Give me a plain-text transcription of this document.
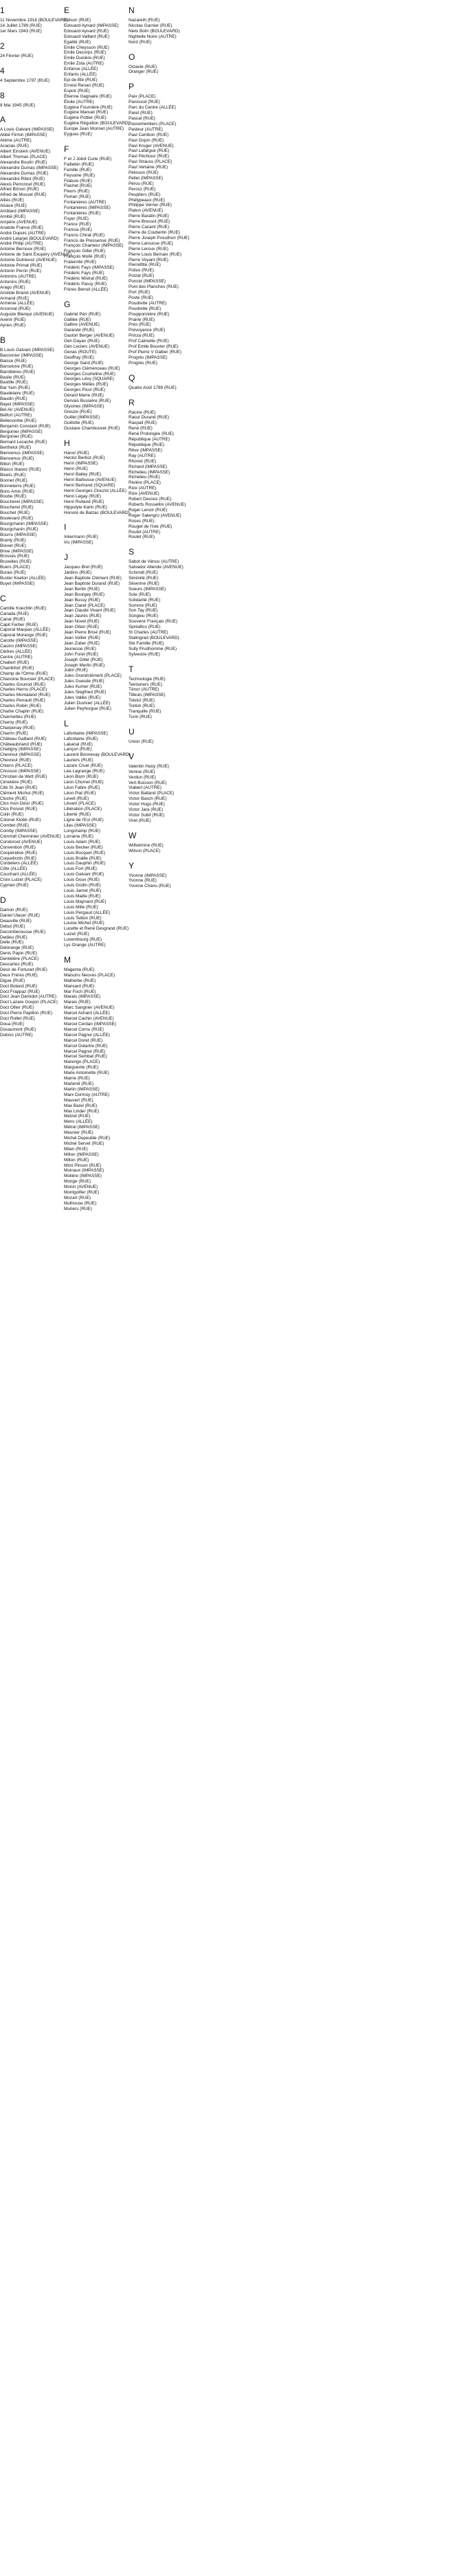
1
11 Novembre 1918 (BOULEVARD)
14 Juillet 1789 (RUE)
1er Mars 1943 (RUE)
2
24 Février (RUE)
4
4 Septembre 1797 (RUE)
8
8 Mai 1945 (RUE)
A
A Louis Galvani (IMPASSE)
Abbé Firmin (IMPASSE)
Abime (AUTRE)
Acacias (RUE)
Albert Einstein (AVENUE)
Albert Thomas (PLACE)
Alexandre Boutin (RUE)
Alexandre Dumas (IMPASSE)
Alexandre Dumas (RUE)
Alexandre Ribot (RUE)
Alexis Perroncel (RUE)
Alfred Brinon (RUE)
Alfred de Musset (RUE)
Alliés (RUE)
Alsace (RUE)
Amblard (IMPASSE)
Amitié (RUE)
Ampère (AVENUE)
Anatole France (RUE)
André Dupuis (AUTRE)
André Letarjet (BOULEVARD)
André Philip (AUTRE)
Antoine Bernoux (RUE)
Antoine de Saint Exupéry (AVENUE)
Antoine Dutrievoz (AVENUE)
Antoine Primat (RUE)
Antonin Perrin (RUE)
Antonins (AUTRE)
Antonins (RUE)
Arago (RUE)
Aristide Briand (AVENUE)
Armand (RUE)
Arménie (ALLÉE)
Arsonval (RUE)
Auguste Blanqui (AVENUE)
Avenir (RUE)
Aynes (RUE)
B
B Louis Galvani (IMPASSE)
Baconnier (IMPASSE)
Baisse (RUE)
Barcelone (RUE)
Barotbères (RUE)
Basile (RUE)
Bastille (RUE)
Bat Yam (RUE)
Baudelaire (RUE)
Baudin (RUE)
Bayet (IMPASSE)
Bel Air (AVENUE)
Belfort (AUTRE)
Bellecombe (RUE)
Benjamin Constant (RUE)
Bergonier (IMPASSE)
Bergonier (RUE)
Bernard Lecache (RUE)
Berthelot (RUE)
Bienvenus (IMPASSE)
Bienvenus (RUE)
Billon (RUE)
Blasco Ibanez (RUE)
Bluets (RUE)
Bonnet (RUE)
Bonneterre (RUE)
Bons Amis (RUE)
Boube (RUE)
Boucheret (IMPASSE)
Boucheret (RUE)
Bouchet (RUE)
Boulevard (RUE)
Bourgchanin (IMPASSE)
Bourgchanin (RUE)
Bourru (IMPASSE)
Branly (RUE)
Brevet (RUE)
Brive (IMPASSE)
Brosses (RUE)
Bruxelles (RUE)
Buers (PLACE)
Burais (RUE)
Buster Keaton (ALLÉE)
Buyet (IMPASSE)
C
Camille Koechlin (RUE)
Canada (RUE)
Canal (RUE)
Capit Ferber (RUE)
Caporal Maupas (ALLÉE)
Caporal Morange (RUE)
Carotte (IMPASSE)
Casino (IMPASSE)
Cèdres (ALLÉE)
Centre (AUTRE)
Chabert (RUE)
Chambfort (RUE)
Champ de l'Orme (RUE)
Chanoine Boursier (PLACE)
Charles Gounod (RUE)
Charles Hernu (PLACE)
Charles Montaland (RUE)
Charles Perrault (RUE)
Charles Robin (RUE)
Charlie Chaplin (RUE)
Charmettes (RUE)
Charny (RUE)
Charpenay (RUE)
Charrin (RUE)
Château Gaillard (RUE)
Châteaubriand (RUE)
Chatigny (IMPASSE)
Chevreul (IMPASSE)
Chevreul (RUE)
Chiens (PLACE)
Chosson (IMPASSE)
Christian de Wett (RUE)
Cimetière (RUE)
Cité St Jean (RUE)
Clément Michut (RUE)
Cloche (RUE)
Clos mon Désir (RUE)
Clos Poncet (RUE)
Colin (RUE)
Colonel Klobb (RUE)
Combet (RUE)
Comby (IMPASSE)
Commdt Chenninier (AVENUE)
Condorcet (AVENUE)
Convention (RUE)
Coopérative (RUE)
Coquelicots (RUE)
Cordeliers (ALLÉE)
Côte (ALLÉE)
Couchant (ALLÉE)
Croix Luizet (PLACE)
Cyprian (RUE)
D
Damon (RUE)
Daniel Ulacer (RUE)
Deauville (RUE)
Debut (RUE)
Decomberousse (RUE)
Dedieu (RUE)
Delle (RUE)
Delorange (RUE)
Denis Papin (RUE)
Dentelière (PLACE)
Descartes (RUE)
Désir de Fortunet (RUE)
Deux Frères (RUE)
Digue (RUE)
Doct Boland (RUE)
Doct Frappaz (RUE)
Doct Jean Damidot (AUTRE)
Doct Lazare Goujon (PLACE)
Doct Ollier (RUE)
Doct Pierre Papillon (RUE)
Doct Rollet (RUE)
Doua (RUE)
Dosaumont (RUE)
Dubois (AUTRE)
E
Edison (RUE)
Edouard Aynard (IMPASSE)
Edouard Aynard (RUE)
Edouard Vaillant (RUE)
Egalité (RUE)
Emile Cheysson (RUE)
Emile Decorps (RUE)
Emile Dunière (RUE)
Emile Zola (AUTRE)
Enfance (ALLÉE)
Enfants (ALLÉE)
Epi de Blé (RUE)
Ernest Renan (RUE)
Espoir (RUE)
Étienne Gagnaire (RUE)
Étoile (AUTRE)
Eugène Fournière (RUE)
Eugène Manuel (RUE)
Eugène Pottier (RUE)
Eugène Réguillon (BOULEVARD)
Europe Jean Monnet (AUTRE)
Eygues (RUE)
F
F et J Joliot Curie (RUE)
Faillebin (RUE)
Famille (RUE)
Feyssine (RUE)
Filature (RUE)
Flachet (RUE)
Fleurs (RUE)
Florian (RUE)
Fontanières (AUTRE)
Fontanières (IMPASSE)
Fontanières (RUE)
Foyer (RUE)
France (RUE)
Francia (RUE)
Francis Chirat (RUE)
Francis de Pressensé (RUE)
François Chanteur (IMPASSE)
François Gillet (RUE)
François Mollé (RUE)
Fraternité (RUE)
Frédéric Fays (IMPASSE)
Frédéric Fays (RUE)
Frédéric Mistral (RUE)
Frédéric Passy (RUE)
Frères Benoit (ALLÉE)
G
Gabriel Péri (RUE)
Galilée (RUE)
Galline (AVENUE)
Garande (RUE)
Gaston Berger (AVENUE)
Gén Dayan (RUE)
Gén Leclerc (AVENUE)
Genas (ROUTE)
Geoffray (RUE)
George Sand (RUE)
Georges Clémenceau (RUE)
Georges Courteline (RUE)
Georges Lévy (SQUARE)
Georges Méliès (RUE)
Georges Picot (RUE)
Gérard Marre (RUE)
Gervais Bussière (RUE)
Glycines (IMPASSE)
Greuze (RUE)
Guillet (IMPASSE)
Guillotte (RUE)
Gustave Chambouvet (RUE)
H
Hanoï (RUE)
Hector Berlioz (RUE)
Henri (IMPASSE)
Henri (RUE)
Henri Bailey (RUE)
Henri Barbusse (AVENUE)
Henri Bertrand (SQUARE)
Henri Georges Clouzot (ALLÉE)
Henri Legay (RUE)
Henri Rolland (RUE)
Hippolyte Kahn (RUE)
Honoré de Balzac (BOULEVARD)
I
Inkermann (RUE)
Iris (IMPASSE)
J
Jacques Brel (RUE)
Jardins (RUE)
Jean Baptiste Clément (RUE)
Jean Baptiste Durand (RUE)
Jean Bertin (RUE)
Jean Bourgey (RUE)
Jean Bussy (RUE)
Jean Claret (PLACE)
Jean Claude Vivant (RUE)
Jean Jaurès (RUE)
Jean Novel (RUE)
Jean Ottan (RUE)
Jean Pierre Brisé (RUE)
Jean Vollier (RUE)
Jean Zuber (RUE)
Jeunesse (RUE)
John Forel (RUE)
Joseph Gillet (RUE)
Joseph Merlin (RUE)
Jubin (RUE)
Jules Grandclément (PLACE)
Jules Guesde (RUE)
Jules Kumer (RUE)
Jules Siegfried (RUE)
Jules Vallès (RUE)
Julien Duvivier (ALLÉE)
Julien Peyhorgue (RUE)
L
Lafontaine (IMPASSE)
Lafontaine (RUE)
Lakanal (RUE)
Lançon (RUE)
Laurent Bonnevay (BOULEVARD)
Lauriers (RUE)
Lazare Cruel (RUE)
Léa Lagrange (RUE)
Léon Blum (RUE)
Léon Chomel (RUE)
Léon Fabre (RUE)
Léon Piat (RUE)
Leveil (RUE)
Lévant (PLACE)
Libération (PLACE)
Liberté (RUE)
Ligne de l'Est (RUE)
Lilas (IMPASSE)
Longchamp (RUE)
Lorraine (RUE)
Louis Adam (RUE)
Louis Becker (RUE)
Louis Bocquet (RUE)
Louis Braille (RUE)
Louis Dauphin (RUE)
Louis Fort (RUE)
Louis Galvani (RUE)
Louis Goux (RUE)
Louis Godin (RUE)
Louis Jarnet (RUE)
Louis Maille (RUE)
Louis Maynard (RUE)
Louis Mille (RUE)
Louis Pergaud (ALLÉE)
Louis Teillon (RUE)
Louise Michel (RUE)
Lucette et René Desgrand (RUE)
Luizet (RUE)
Luxembourg (RUE)
Lys Orange (AUTRE)
M
Magenta (RUE)
Maisons Neuves (PLACE)
Malherbe (RUE)
Mansard (RUE)
Mar Foch (RUE)
Marais (IMPASSE)
Marais (RUE)
Marc Sangnier (AVENUE)
Marcel Achard (ALLÉE)
Marcel Cachin (AVENUE)
Marcel Cerdan (IMPASSE)
Marcel Cornu (RUE)
Marcel Pagnol (ALLÉE)
Marcel Doret (RUE)
Marcel Dutartre (RUE)
Marcel Pagnol (RUE)
Marcel Sembat (RUE)
Marengo (PLACE)
Marguerite (RUE)
Marie Antoinette (RUE)
Marne (RUE)
Marterel (RUE)
Martin (IMPASSE)
Marx Dormoy (AUTRE)
Mauvert (RUE)
Max Barel (RUE)
Max Linder (RUE)
Melzet (RUE)
Mens (ALLÉE)
Métral (IMPASSE)
Meunier (RUE)
Michel Dupeuble (RUE)
Michel Servet (RUE)
Milan (RUE)
Millon (IMPASSE)
Millon (RUE)
Mimi Pinson (RUE)
Moinaux (IMPASSE)
Molière (IMPASSE)
Monge (RUE)
Monin (AVENUE)
Montgolfier (RUE)
Mozart (RUE)
Mulhouse (RUE)
Muriers (RUE)
N
Nazareth (RUE)
Nicolas Garnier (RUE)
Niels Bohr (BOULEVARD)
Nightelle Noire (AUTRE)
Nord (RUE)
O
Octavie (RUE)
Oranger (RUE)
P
Paix (PLACE)
Panissod (RUE)
Parc du Centre (ALLÉE)
Paret (RUE)
Pascal (RUE)
Passementiers (PLACE)
Pasteur (AUTRE)
Paul Cambon (RUE)
Paul Gojon (RUE)
Paul Kruger (AVENUE)
Paul Lafargue (RUE)
Paul Péchoux (RUE)
Paul Strauss (PLACE)
Paul Verlaine (RUE)
Pélisson (RUE)
Pellet (IMPASSE)
Pérou (RUE)
Perosz (RUE)
Peupliers (RUE)
Phélypeaux (RUE)
Philippe Verrier (RUE)
Piaton (AVENUE)
Pierre Baratin (RUE)
Pierre Bressot (RUE)
Pierre Cacard (RUE)
Pierre de Coubertin (RUE)
Pierre Joseph Proudhon (RUE)
Pierre Larousse (RUE)
Pierre Leroux (RUE)
Pierre Louis Bernaix (RUE)
Pierre Voyant (RUE)
Pierrefitte (RUE)
Poilus (RUE)
Poizat (RUE)
Poncet (IMPASSE)
Pont des Planches (RUE)
Port (RUE)
Poste (RUE)
Poudrette (AUTRE)
Poudrette (RUE)
Poupponnière (RUE)
Prairie (RUE)
Prés (RUE)
Prévoyance (RUE)
Prinza (RUE)
Prof Calmette (RUE)
Prof Emile Bouvier (RUE)
Prof Pierre V Galber (RUE)
Progrès (IMPASSE)
Progrès (RUE)
Q
Quatre Août 1789 (RUE)
R
Racine (RUE)
Raoul Durand (RUE)
Raspail (RUE)
René (RUE)
René Prolongée (RUE)
République (AUTRE)
République (RUE)
Rêve (IMPASSE)
Ray (AUTRE)
Rhonet (RUE)
Richard (IMPASSE)
Richelieu (IMPASSE)
Richelieu (RUE)
Rivière (PLACE)
Rize (AUTRE)
Rize (AVENUE)
Robert Desnos (RUE)
Roberts Rossellini (AVENUE)
Roger Lenoir (RUE)
Roger Salengro (AVENUE)
Roses (RUE)
Rouget de l'Isle (RUE)
Roulet (AUTRE)
Roulet (RUE)
S
Sabot de Vénus (AUTRE)
Salvador Allende (AVENUE)
Schmidt (RUE)
Sérénité (RUE)
Séverine (RUE)
Soeurs (IMPASSE)
Soie (RUE)
Solidarité (RUE)
Somme (RUE)
Son Tay (RUE)
Songieu (RUE)
Souvenir Français (RUE)
Spréafico (RUE)
St Charles (AUTRE)
Stalingrad (BOULEVARD)
Ste Famille (RUE)
Sully Prudhomme (RUE)
Sylvestre (RUE)
T
Technologie (RUE)
Teinturiers (RUE)
Ténor (AUTRE)
Tilleuls (IMPASSE)
Tolstoï (RUE)
Tonkin (RUE)
Tranquille (RUE)
Turin (RUE)
U
Union (RUE)
V
Valentin Haüy (RUE)
Venise (RUE)
Verdun (RUE)
Vert Buisson (RUE)
Viabert (AUTRE)
Victor Balland (PLACE)
Victor Basch (RUE)
Victor Hugo (RUE)
Victor Jara (RUE)
Victor Subit (RUE)
Viret (RUE)
W
Wilhelmine (RUE)
Wilson (PLACE)
Y
Yvonne (IMPASSE)
Yvonne (RUE)
Yvonne Chanu (RUE)
